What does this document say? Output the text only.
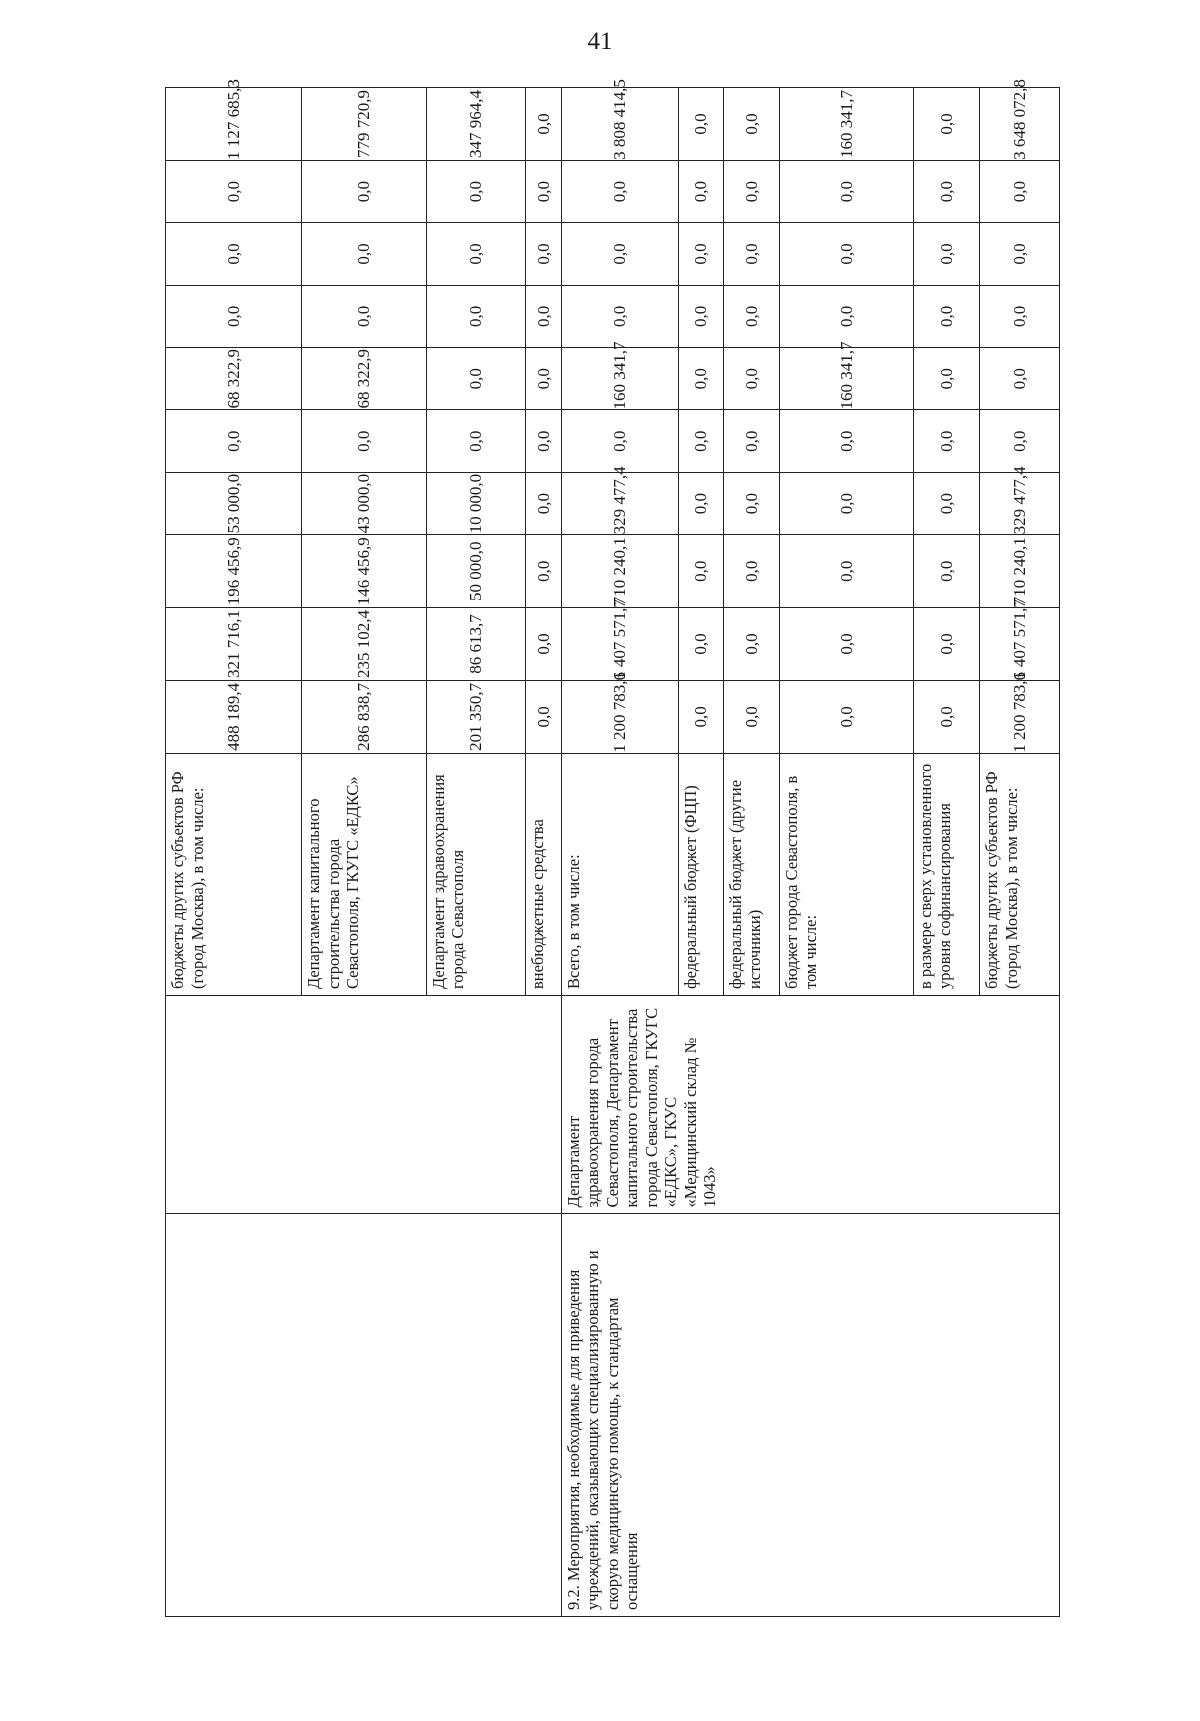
41
		бюджеты других субъектов РФ (город Москва), в том числе:	488 189,4	321 716,1	196 456,9	53 000,0	0,0	68 322,9	0,0	0,0	0,0	1 127 685,3
		Департамент капитального строительства города Севастополя, ГКУГС «ЕДКС»	286 838,7	235 102,4	146 456,9	43 000,0	0,0	68 322,9	0,0	0,0	0,0	779 720,9
		Департамент здравоохранения города Севастополя	201 350,7	86 613,7	50 000,0	10 000,0	0,0	0,0	0,0	0,0	0,0	347 964,4
		внебюджетные средства	0,0	0,0	0,0	0,0	0,0	0,0	0,0	0,0	0,0	0,0
9.2. Мероприятия, необходимые для приведения учреждений, оказывающих специализированную и скорую медицинскую помощь, к стандартам оснащения	Департамент здравоохранения города Севастополя, Департамент капитального строительства города Севастополя, ГКУГС «ЕДКС», ГКУС «Медицинский склад № 1043»	Всего, в том числе:	1 200 783,6	1 407 571,7	710 240,1	329 477,4	0,0	160 341,7	0,0	0,0	0,0	3 808 414,5
		федеральный бюджет (ФЦП)	0,0	0,0	0,0	0,0	0,0	0,0	0,0	0,0	0,0	0,0
		федеральный бюджет (другие источники)	0,0	0,0	0,0	0,0	0,0	0,0	0,0	0,0	0,0	0,0
		бюджет города Севастополя, в том числе:	0,0	0,0	0,0	0,0	0,0	160 341,7	0,0	0,0	0,0	160 341,7
		в размере сверх установленного уровня софинансирования	0,0	0,0	0,0	0,0	0,0	0,0	0,0	0,0	0,0	0,0
		бюджеты других субъектов РФ (город Москва), в том числе:	1 200 783,6	1 407 571,7	710 240,1	329 477,4	0,0	0,0	0,0	0,0	0,0	3 648 072,8
